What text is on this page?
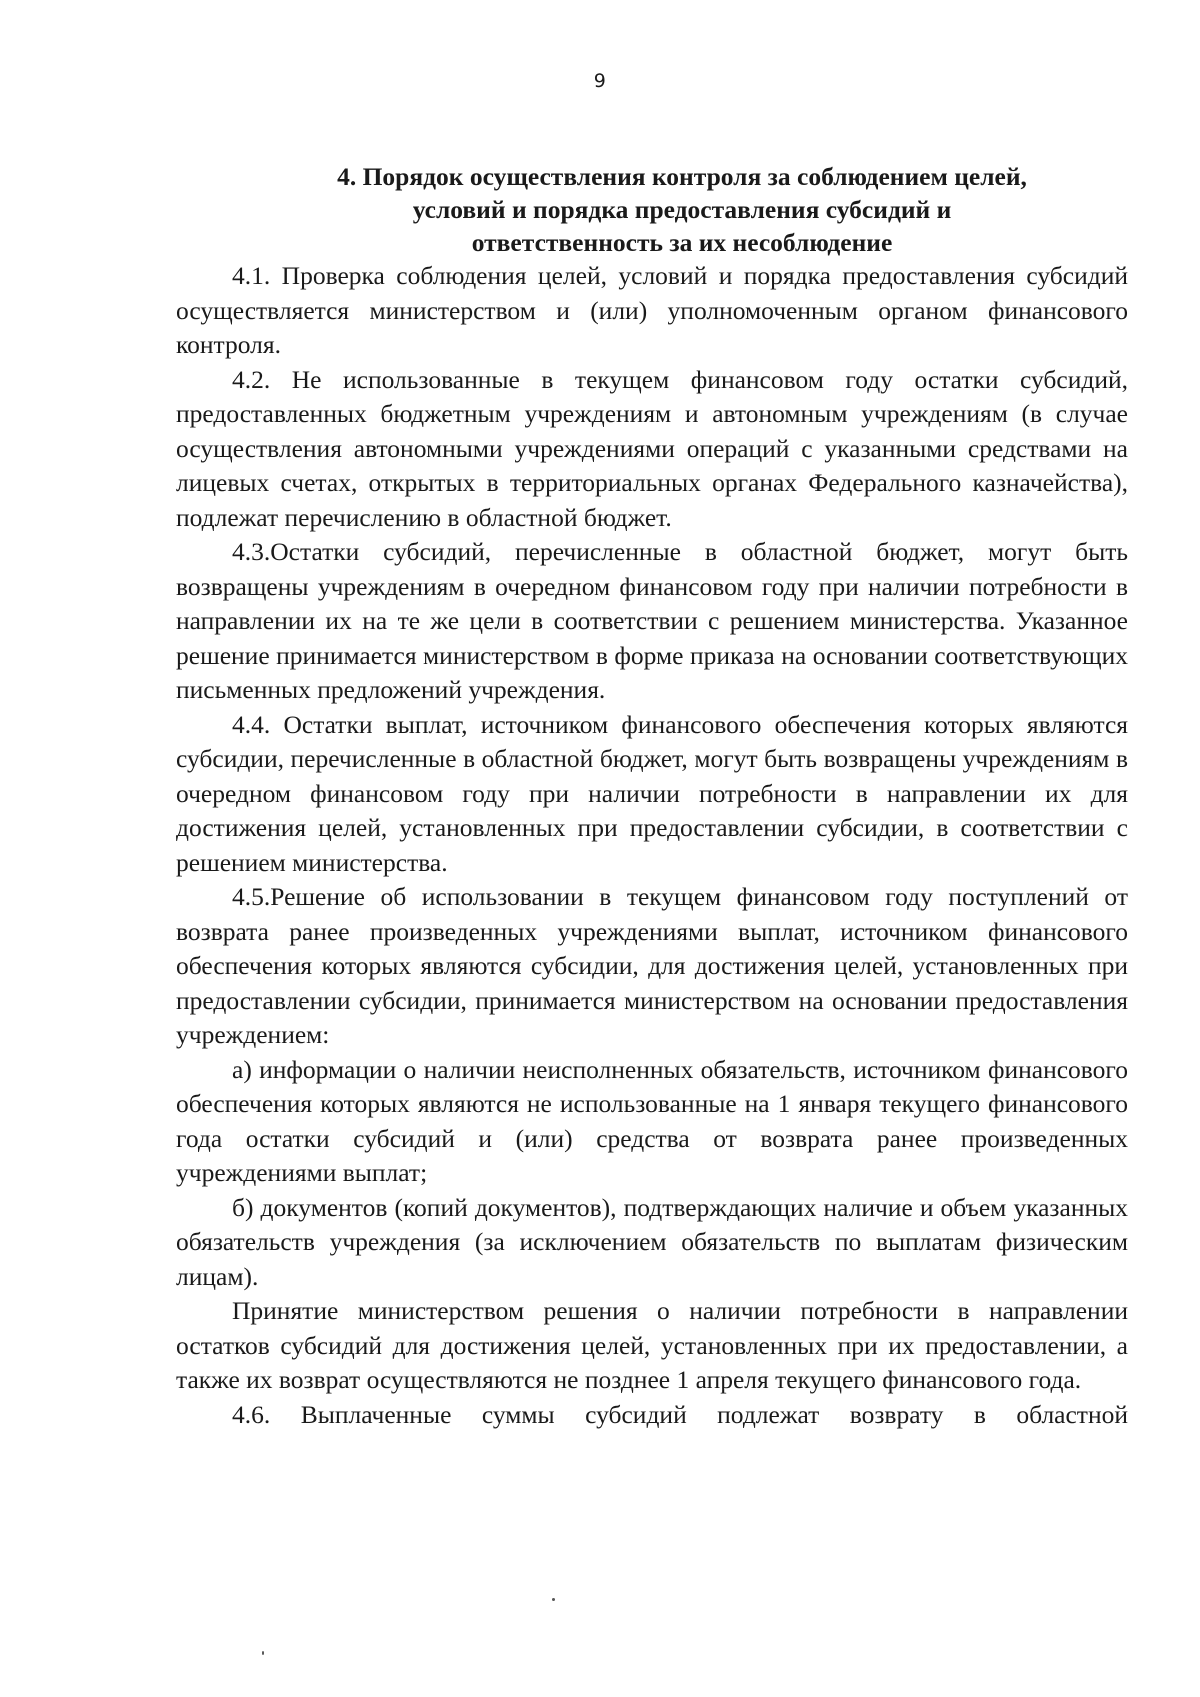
9
4. Порядок осуществления контроля за соблюдением целей,
условий и порядка предоставления субсидий и
ответственность за их несоблюдение

4.1. Проверка соблюдения целей, условий и порядка предоставления субсидий осуществляется министерством и (или) уполномоченным органом финансового контроля.

4.2. Не использованные в текущем финансовом году остатки субсидий, предоставленных бюджетным учреждениям и автономным учреждениям (в случае осуществления автономными учреждениями операций с указанными средствами на лицевых счетах, открытых в территориальных органах Федерального казначейства), подлежат перечислению в областной бюджет.

4.3.Остатки субсидий, перечисленные в областной бюджет, могут быть возвращены учреждениям в очередном финансовом году при наличии потребности в направлении их на те же цели в соответствии с решением министерства. Указанное решение принимается министерством в форме приказа на основании соответствующих письменных предложений учреждения.

4.4. Остатки выплат, источником финансового обеспечения которых являются субсидии, перечисленные в областной бюджет, могут быть возвращены учреждениям в очередном финансовом году при наличии потребности в направлении их для достижения целей, установленных при предоставлении субсидии, в соответствии с решением министерства.

4.5.Решение об использовании в текущем финансовом году поступлений от возврата ранее произведенных учреждениями выплат, источником финансового обеспечения которых являются субсидии, для достижения целей, установленных при предоставлении субсидии, принимается министерством на основании предоставления учреждением:

а) информации о наличии неисполненных обязательств, источником финансового обеспечения которых являются не использованные на 1 января текущего финансового года остатки субсидий и (или) средства от возврата ранее произведенных учреждениями выплат;

б) документов (копий документов), подтверждающих наличие и объем указанных обязательств учреждения (за исключением обязательств по выплатам физическим лицам).

Принятие министерством решения о наличии потребности в направлении остатков субсидий для достижения целей, установленных при их предоставлении, а также их возврат осуществляются не позднее 1 апреля текущего финансового года.

4.6. Выплаченные суммы субсидий подлежат возврату в областной
